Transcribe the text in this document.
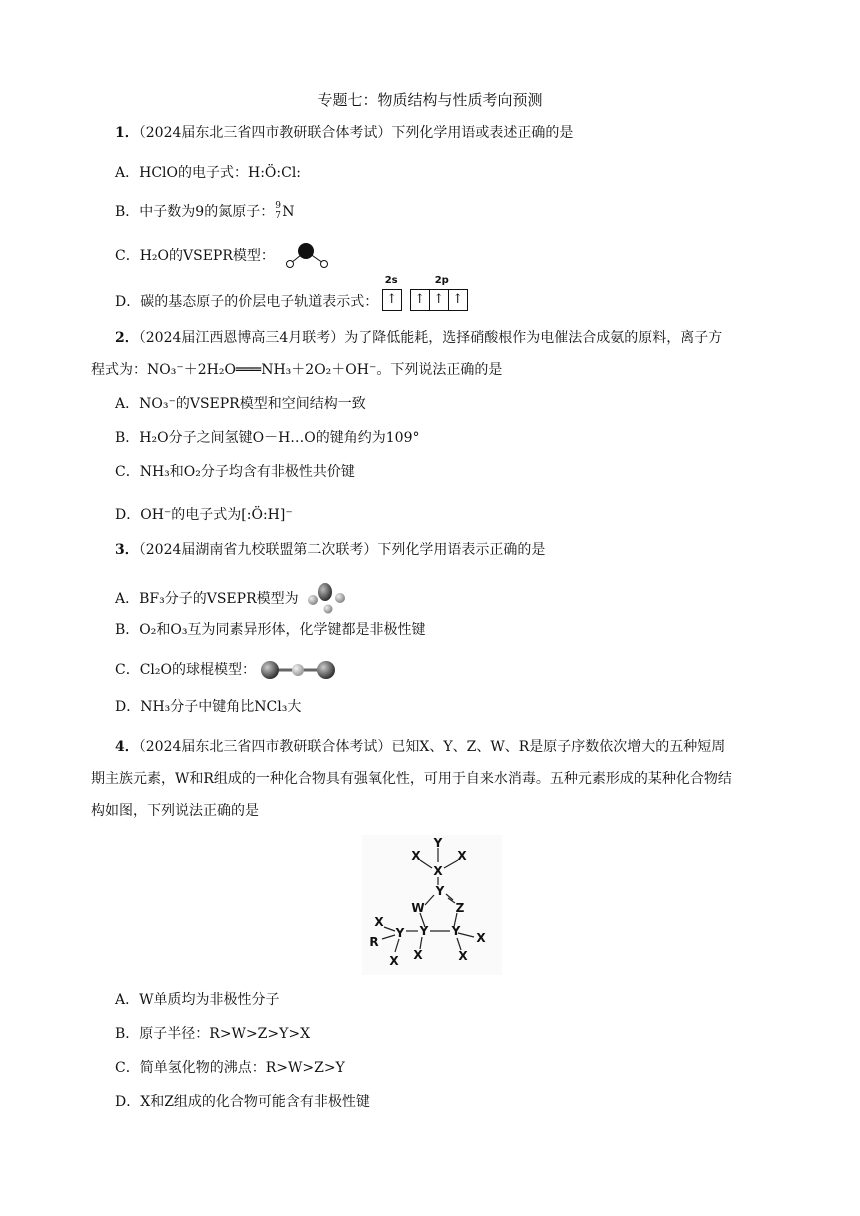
专题七：物质结构与性质考向预测
1．（2024届东北三省四市教研联合体考试）下列化学用语或表述正确的是
A．HClO的电子式：H:Ö:Cl:
B．中子数为9的氮原子： 9
7 N
C．H₂O的VSEPR模型：
D．碳的基态原子的价层电子轨道表示式：
2s	2p
↑	↑ ↑ ↑
2．（2024届江西恩博高三4月联考）为了降低能耗，选择硝酸根作为电催法合成氨的原料，离子方
程式为：NO₃⁻＋2H₂O═══NH₃＋2O₂＋OH⁻。下列说法正确的是
A．NO₃⁻的VSEPR模型和空间结构一致
B．H₂O分子之间氢键O－H…O的键角约为109°
C．NH₃和O₂分子均含有非极性共价键
D．OH⁻的电子式为[:Ö:H]⁻
3．（2024届湖南省九校联盟第二次联考）下列化学用语表示正确的是
A．BF₃分子的VSEPR模型为
B．O₂和O₃互为同素异形体，化学键都是非极性键
C．Cl₂O的球棍模型：
D．NH₃分子中键角比NCl₃大
4．（2024届东北三省四市教研联合体考试）已知X、Y、Z、W、R是原子序数依次增大的五种短周
期主族元素，W和R组成的一种化合物具有强氧化性，可用于自来水消毒。五种元素形成的某种化合物结
构如图，下列说法正确的是
X
Y
X
X
Y
W	Z
X
R
Y Y Y
X X
X
X
A．W单质均为非极性分子
B．原子半径：R>W>Z>Y>X
C．简单氢化物的沸点：R>W>Z>Y
D．X和Z组成的化合物可能含有非极性键
